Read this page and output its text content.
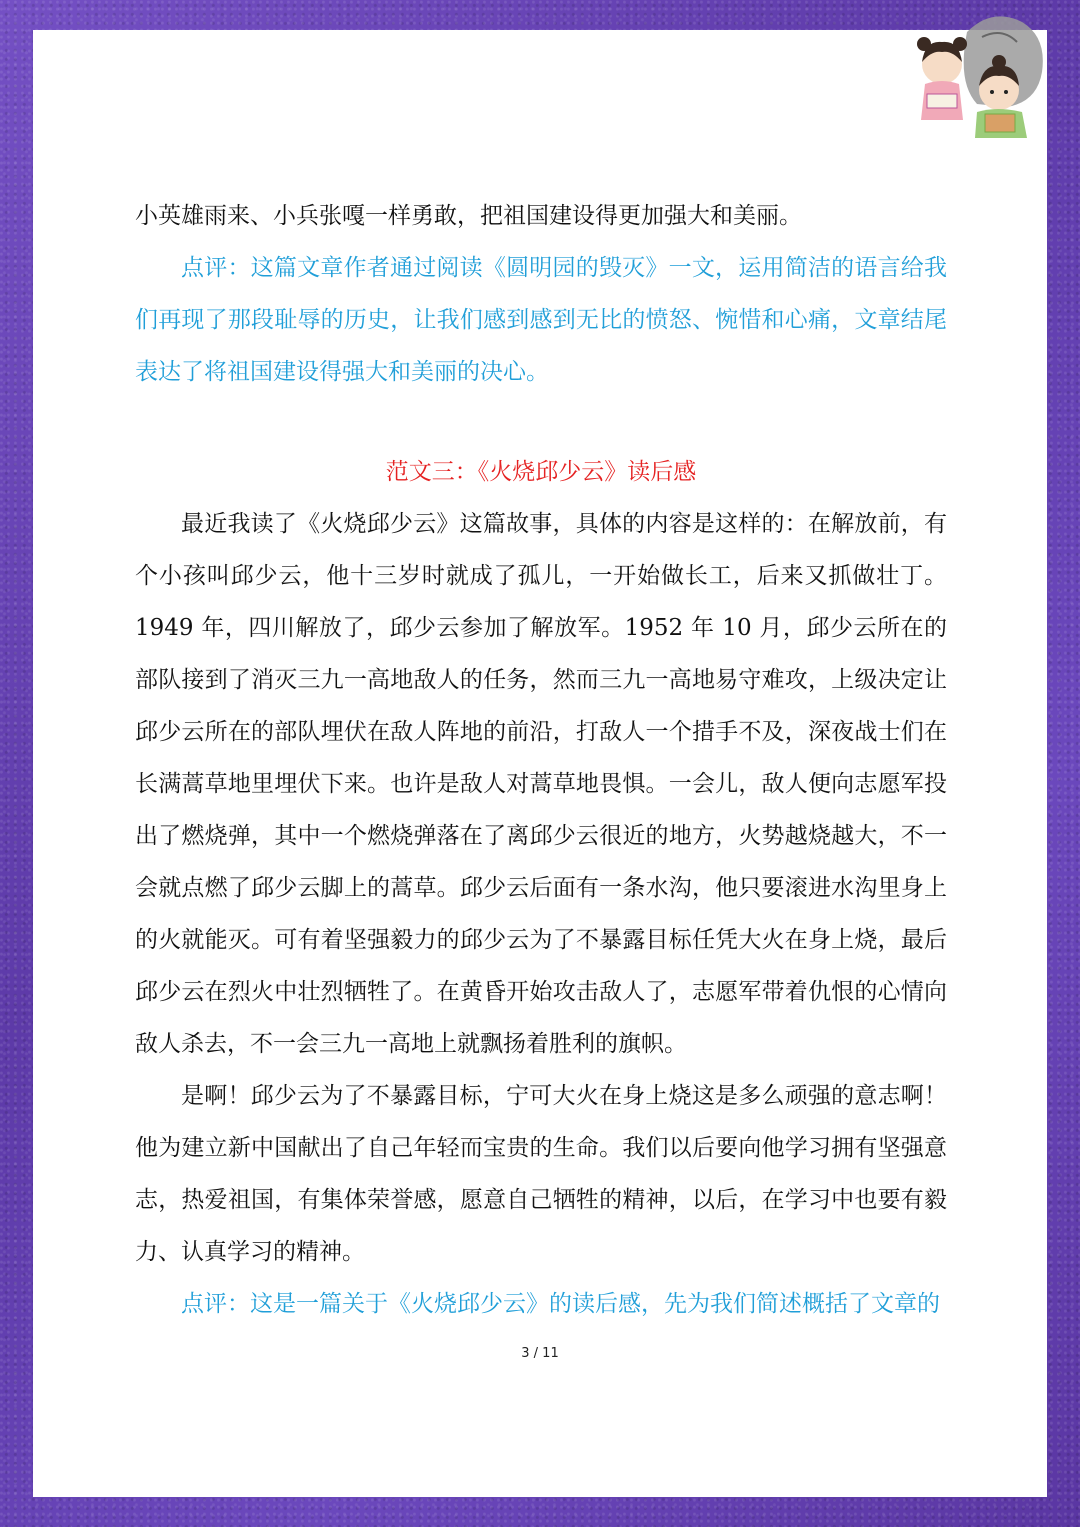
小英雄雨来、小兵张嘎一样勇敢，把祖国建设得更加强大和美丽。

点评：这篇文章作者通过阅读《圆明园的毁灭》一文，运用简洁的语言给我们再现了那段耻辱的历史，让我们感到感到无比的愤怒、惋惜和心痛，文章结尾表达了将祖国建设得强大和美丽的决心。

范文三：《火烧邱少云》读后感

最近我读了《火烧邱少云》这篇故事，具体的内容是这样的：在解放前，有个小孩叫邱少云，他十三岁时就成了孤儿，一开始做长工，后来又抓做壮丁。1949 年，四川解放了，邱少云参加了解放军。1952 年 10 月，邱少云所在的部队接到了消灭三九一高地敌人的任务，然而三九一高地易守难攻，上级决定让邱少云所在的部队埋伏在敌人阵地的前沿，打敌人一个措手不及，深夜战士们在长满蒿草地里埋伏下来。也许是敌人对蒿草地畏惧。一会儿，敌人便向志愿军投出了燃烧弹，其中一个燃烧弹落在了离邱少云很近的地方，火势越烧越大，不一会就点燃了邱少云脚上的蒿草。邱少云后面有一条水沟，他只要滚进水沟里身上的火就能灭。可有着坚强毅力的邱少云为了不暴露目标任凭大火在身上烧，最后邱少云在烈火中壮烈牺牲了。在黄昏开始攻击敌人了，志愿军带着仇恨的心情向敌人杀去，不一会三九一高地上就飘扬着胜利的旗帜。

是啊！邱少云为了不暴露目标，宁可大火在身上烧这是多么顽强的意志啊！他为建立新中国献出了自己年轻而宝贵的生命。我们以后要向他学习拥有坚强意志，热爱祖国，有集体荣誉感，愿意自己牺牲的精神，以后，在学习中也要有毅力、认真学习的精神。

点评：这是一篇关于《火烧邱少云》的读后感，先为我们简述概括了文章的

3 / 11
